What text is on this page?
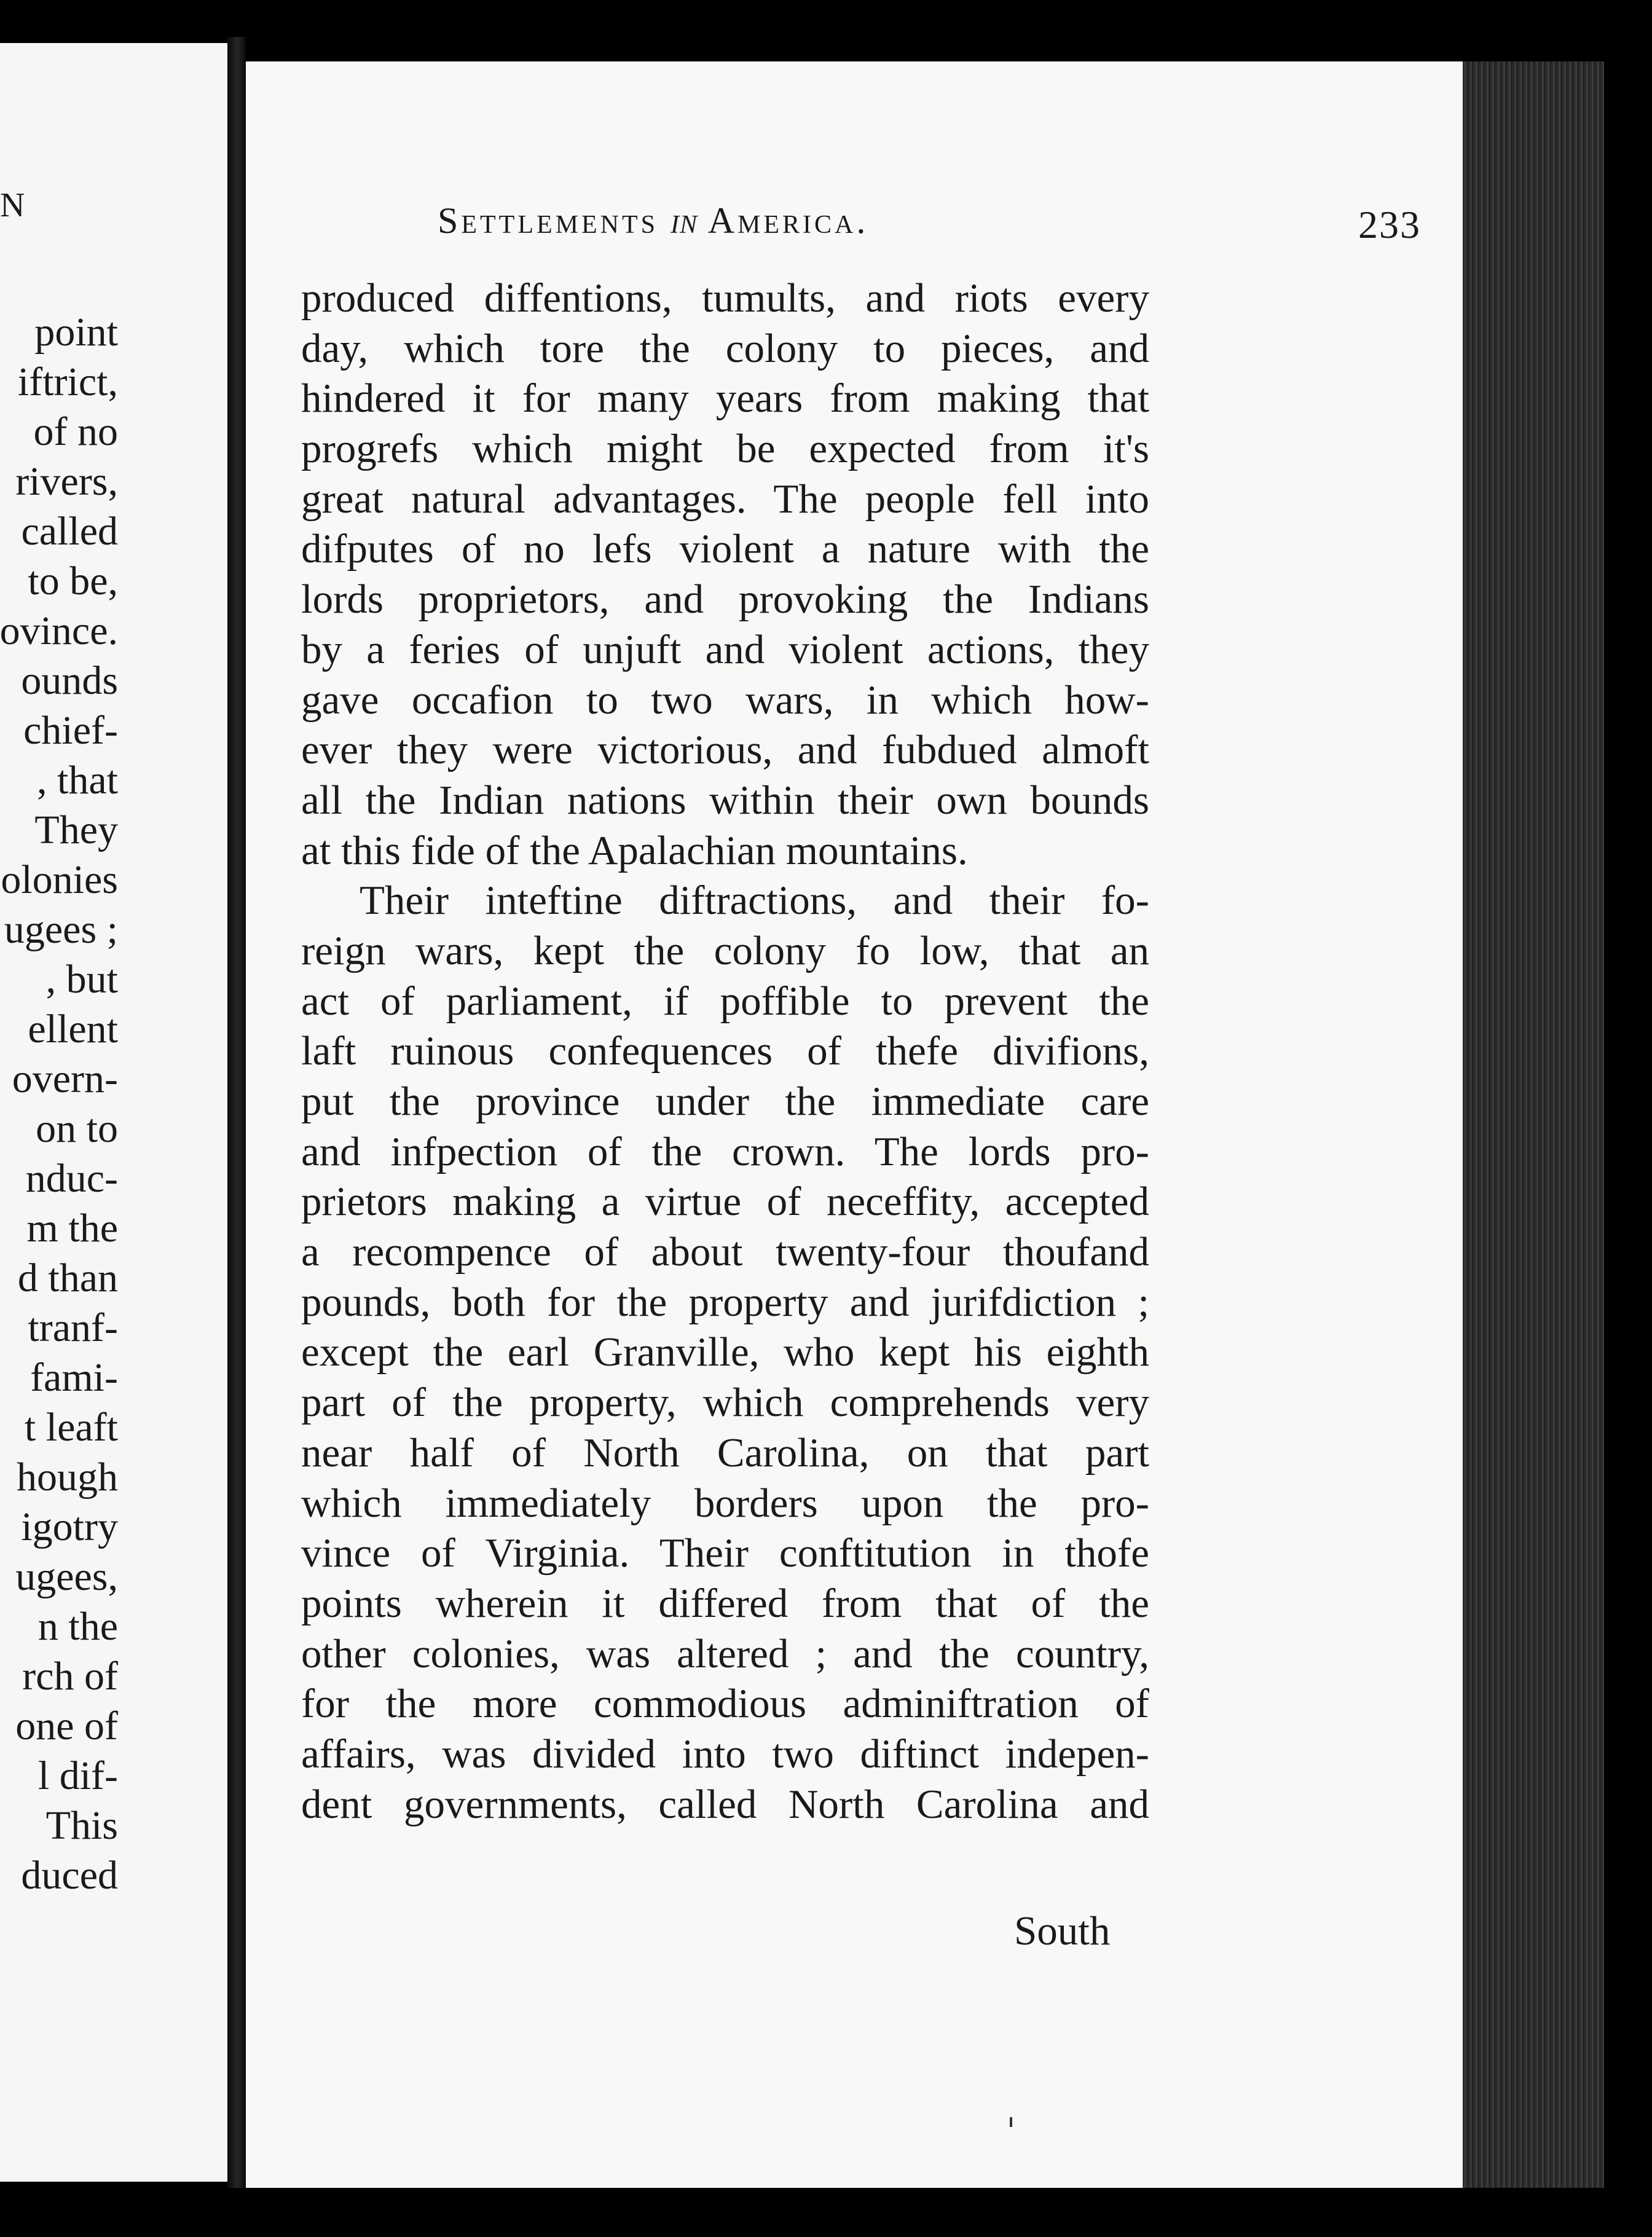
N
point
iftrict,
of no
rivers,
called
to be,
ovince.
ounds
chief-
, that
They
olonies
ugees ;
, but
ellent
overn-
on to
nduc-
m the
d than
tranf-
fami-
t leaft
hough
igotry
ugees,
n the
rch of
one of
l dif-
This
duced
Settlements in America.	233
produced diffentions, tumults, and riots every
day, which tore the colony to pieces, and
hindered it for many years from making that
progrefs which might be expected from it's
great natural advantages. The people fell into
difputes of no lefs violent a nature with the
lords proprietors, and provoking the Indians
by a feries of unjuft and violent actions, they
gave occafion to two wars, in which how-
ever they were victorious, and fubdued almoft
all the Indian nations within their own bounds
at this fide of the Apalachian mountains.
Their inteftine diftractions, and their fo-
reign wars, kept the colony fo low, that an
act of parliament, if poffible to prevent the
laft ruinous confequences of thefe divifions,
put the province under the immediate care
and infpection of the crown. The lords pro-
prietors making a virtue of neceffity, accepted
a recompence of about twenty-four thoufand
pounds, both for the property and jurifdiction ;
except the earl Granville, who kept his eighth
part of the property, which comprehends very
near half of North Carolina, on that part
which immediately borders upon the pro-
vince of Virginia. Their conftitution in thofe
points wherein it differed from that of the
other colonies, was altered ; and the country,
for the more commodious adminiftration of
affairs, was divided into two diftinct indepen-
dent governments, called North Carolina and
South
